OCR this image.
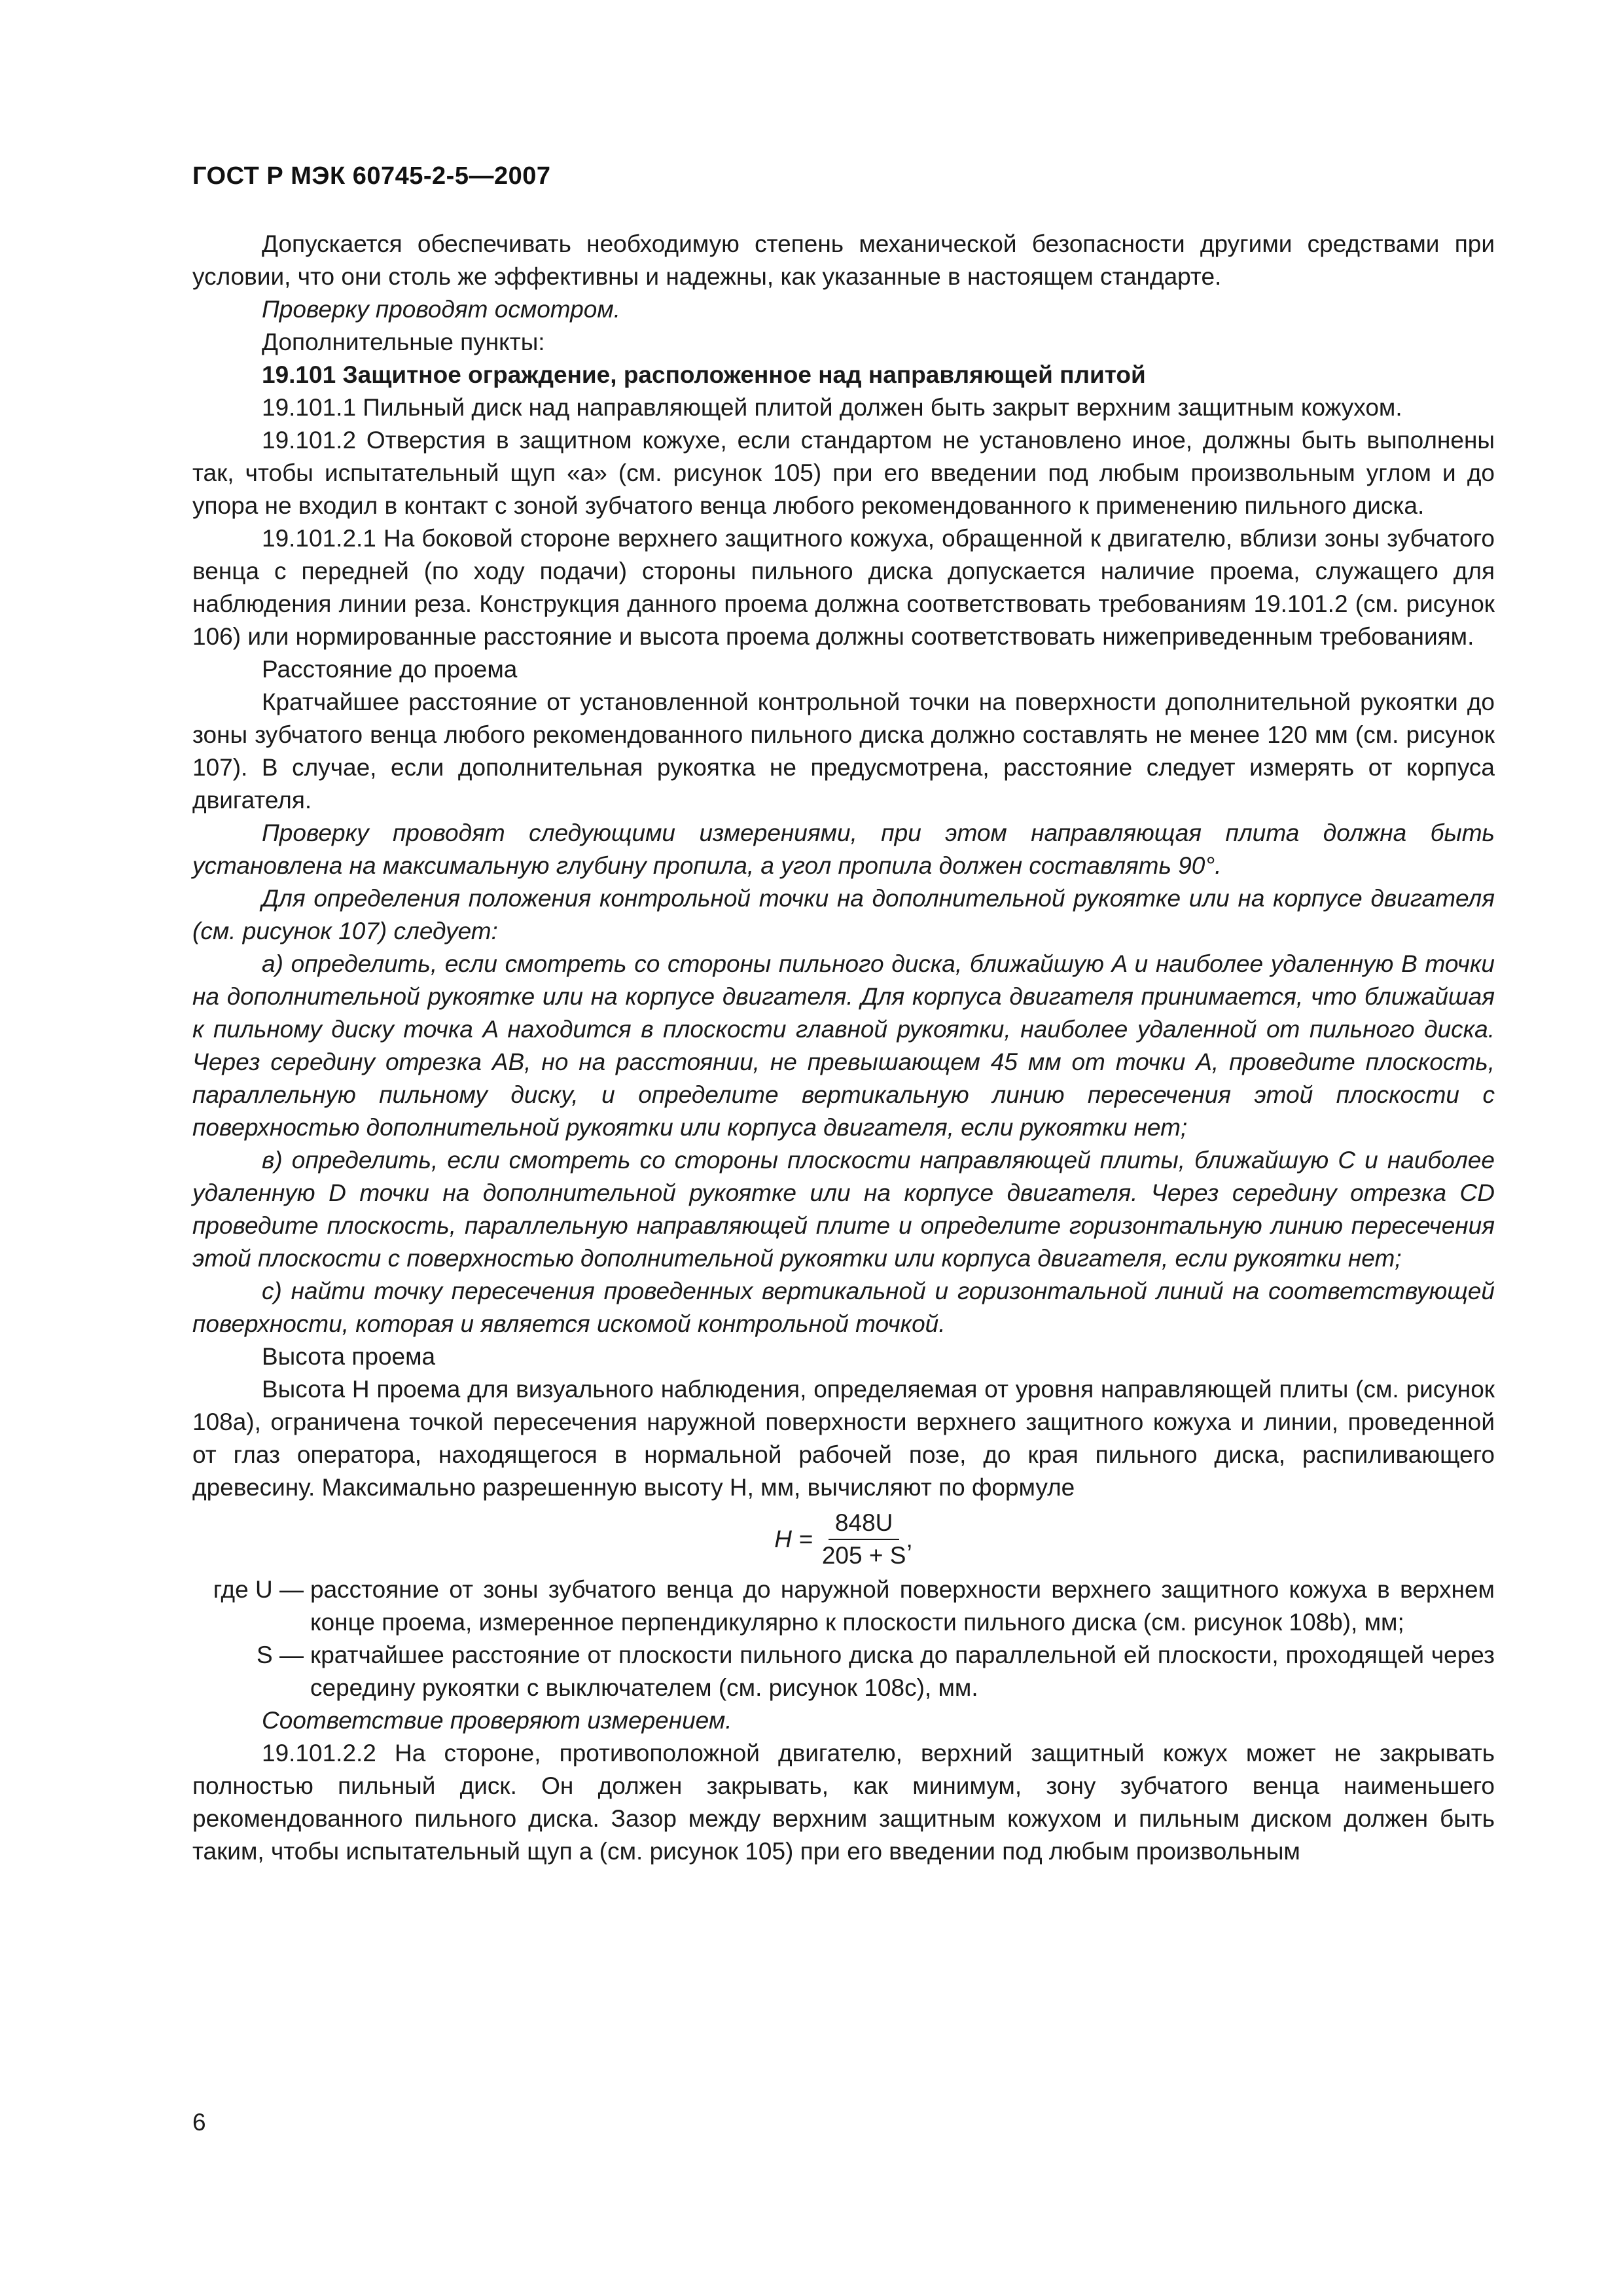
ГОСТ Р МЭК 60745-2-5—2007

Допускается обеспечивать необходимую степень механической безопасности другими средствами при условии, что они столь же эффективны и надежны, как указанные в настоящем стандарте.

Проверку проводят осмотром.

Дополнительные пункты:

19.101 Защитное ограждение, расположенное над направляющей плитой

19.101.1 Пильный диск над направляющей плитой должен быть закрыт верхним защитным кожухом.

19.101.2 Отверстия в защитном кожухе, если стандартом не установлено иное, должны быть выполнены так, чтобы испытательный щуп «а» (см. рисунок 105) при его введении под любым произвольным углом и до упора не входил в контакт с зоной зубчатого венца любого рекомендованного к применению пильного диска.

19.101.2.1 На боковой стороне верхнего защитного кожуха, обращенной к двигателю, вблизи зоны зубчатого венца с передней (по ходу подачи) стороны пильного диска допускается наличие проема, служащего для наблюдения линии реза. Конструкция данного проема должна соответствовать требованиям 19.101.2 (см. рисунок 106) или нормированные расстояние и высота проема должны соответствовать нижеприведенным требованиям.

Расстояние до проема

Кратчайшее расстояние от установленной контрольной точки на поверхности дополнительной рукоятки до зоны зубчатого венца любого рекомендованного пильного диска должно составлять не менее 120 мм (см. рисунок 107). В случае, если дополнительная рукоятка не предусмотрена, расстояние следует измерять от корпуса двигателя.

Проверку проводят следующими измерениями, при этом направляющая плита должна быть установлена на максимальную глубину пропила, а угол пропила должен составлять 90°.

Для определения положения контрольной точки на дополнительной рукоятке или на корпусе двигателя (см. рисунок 107) следует:

а) определить, если смотреть со стороны пильного диска, ближайшую A и наиболее удаленную B точки на дополнительной рукоятке или на корпусе двигателя. Для корпуса двигателя принимается, что ближайшая к пильному диску точка A находится в плоскости главной рукоятки, наиболее удаленной от пильного диска. Через середину отрезка AB, но на расстоянии, не превышающем 45 мм от точки A, проведите плоскость, параллельную пильному диску, и определите вертикальную линию пересечения этой плоскости с поверхностью дополнительной рукоятки или корпуса двигателя, если рукоятки нет;

в) определить, если смотреть со стороны плоскости направляющей плиты, ближайшую C и наиболее удаленную D точки на дополнительной рукоятке или на корпусе двигателя. Через середину отрезка CD проведите плоскость, параллельную направляющей плите и определите горизонтальную линию пересечения этой плоскости с поверхностью дополнительной рукоятки или корпуса двигателя, если рукоятки нет;

с) найти точку пересечения проведенных вертикальной и горизонтальной линий на соответствующей поверхности, которая и является искомой контрольной точкой.

Высота проема

Высота H проема для визуального наблюдения, определяемая от уровня направляющей плиты (см. рисунок 108a), ограничена точкой пересечения наружной поверхности верхнего защитного кожуха и линии, проведенной от глаз оператора, находящегося в нормальной рабочей позе, до края пильного диска, распиливающего древесину. Максимально разрешенную высоту H, мм, вычисляют по формуле

$H = \frac{848U}{205 + S}$ ,
где U — расстояние от зоны зубчатого венца до наружной поверхности верхнего защитного кожуха в верхнем конце проема, измеренное перпендикулярно к плоскости пильного диска (см. рисунок 108b), мм;
S — кратчайшее расстояние от плоскости пильного диска до параллельной ей плоскости, проходящей через середину рукоятки с выключателем (см. рисунок 108c), мм.

Соответствие проверяют измерением.

19.101.2.2 На стороне, противоположной двигателю, верхний защитный кожух может не закрывать полностью пильный диск. Он должен закрывать, как минимум, зону зубчатого венца наименьшего рекомендованного пильного диска. Зазор между верхним защитным кожухом и пильным диском должен быть таким, чтобы испытательный щуп a (см. рисунок 105) при его введении под любым произвольным

6
